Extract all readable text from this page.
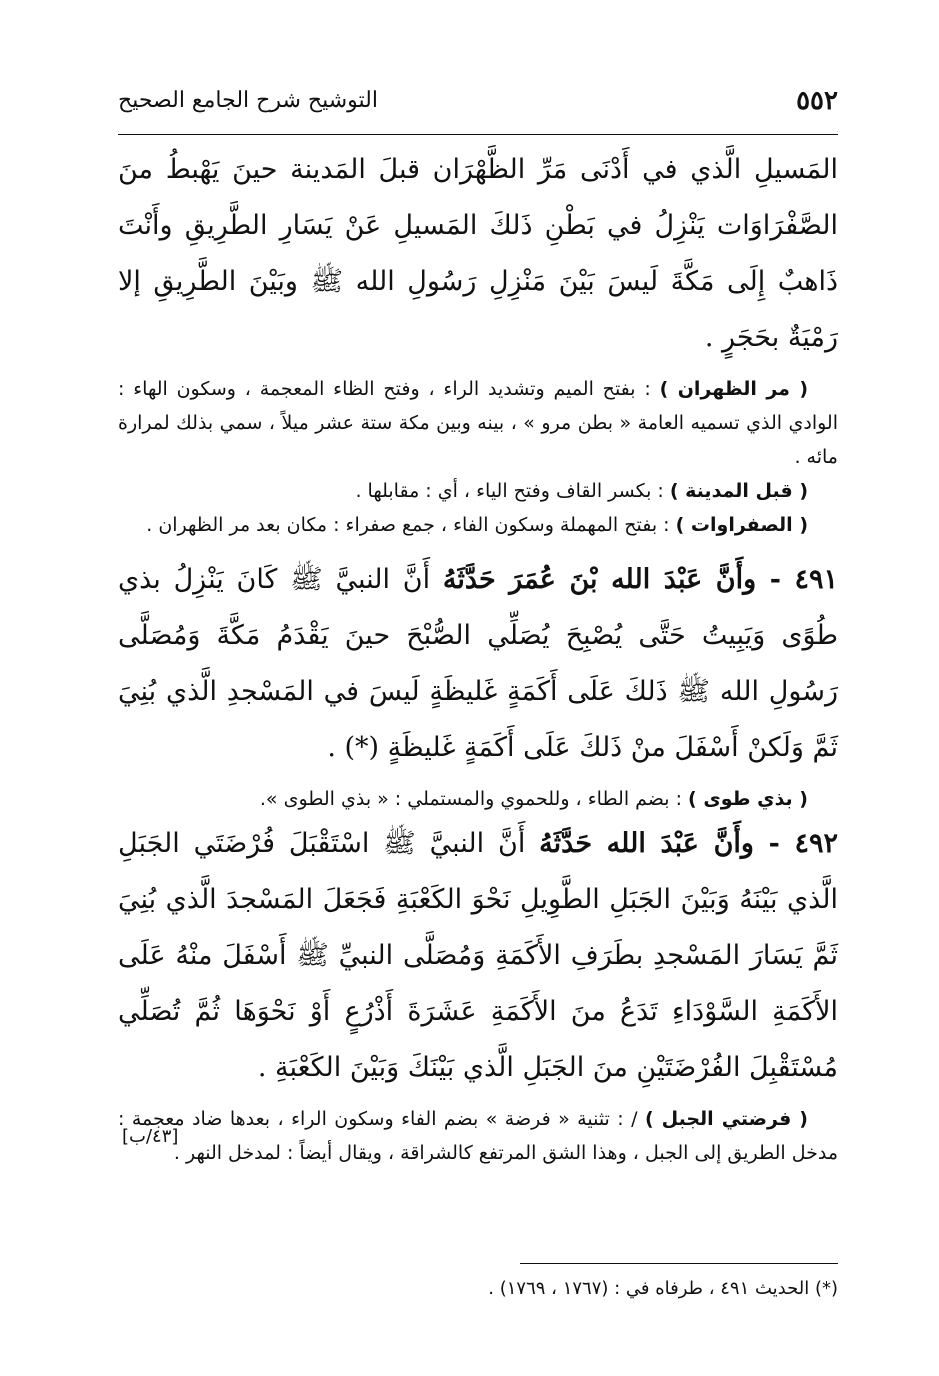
٥٥٢
التوشيح شرح الجامع الصحيح

المَسيلِ الَّذي في أَدْنَى مَرِّ الظَّهْرَان قبلَ المَدينة حينَ يَهْبطُ منَ الصَّفْرَاوَات يَنْزِلُ في بَطْنِ ذَلكَ المَسيلِ عَنْ يَسَارِ الطَّرِيقِ وأَنْتَ ذَاهبٌ إِلَى مَكَّةَ لَيسَ بَيْنَ مَنْزِلِ رَسُولِ الله ﷺ وبَيْنَ الطَّرِيقِ إلا رَمْيَةٌ بحَجَرٍ .

( مر الظهران ) : بفتح الميم وتشديد الراء ، وفتح الظاء المعجمة ، وسكون الهاء : الوادي الذي تسميه العامة « بطن مرو » ، بينه وبين مكة ستة عشر ميلاً ، سمي بذلك لمرارة مائه .

( قبل المدينة ) : بكسر القاف وفتح الياء ، أي : مقابلها .

( الصفراوات ) : بفتح المهملة وسكون الفاء ، جمع صفراء : مكان بعد مر الظهران .

٤٩١ - وأَنَّ عَبْدَ الله بْنَ عُمَرَ حَدَّثَهُ أَنَّ النبيَّ ﷺ كَانَ يَنْزِلُ بذي طُوًى وَيَبِيتُ حَتَّى يُصْبِحَ يُصَلِّي الصُّبْحَ حينَ يَقْدَمُ مَكَّةَ وَمُصَلَّى رَسُولِ الله ﷺ ذَلكَ عَلَى أَكَمَةٍ غَليظَةٍ لَيسَ في المَسْجدِ الَّذي بُنِيَ ثَمَّ وَلَكنْ أَسْفَلَ منْ ذَلكَ عَلَى أَكَمَةٍ غَليظَةٍ (*) .

( بذي طوى ) : بضم الطاء ، وللحموي والمستملي : « بذي الطوى ».

٤٩٢ - وأَنَّ عَبْدَ الله حَدَّثَهُ أَنَّ النبيَّ ﷺ اسْتَقْبَلَ فُرْضَتَي الجَبَلِ الَّذي بَيْنَهُ وَبَيْنَ الجَبَلِ الطَّوِيلِ نَحْوَ الكَعْبَةِ فَجَعَلَ المَسْجدَ الَّذي بُنِيَ ثَمَّ يَسَارَ المَسْجدِ بطَرَفِ الأَكَمَةِ وَمُصَلَّى النبيِّ ﷺ أَسْفَلَ منْهُ عَلَى الأَكَمَةِ السَّوْدَاءِ تَدَعُ منَ الأَكَمَةِ عَشَرَةَ أَذْرُعٍ أَوْ نَحْوَهَا ثُمَّ تُصَلِّي مُسْتَقْبِلَ الفُرْضَتَيْنِ منَ الجَبَلِ الَّذي بَيْنَكَ وَبَيْنَ الكَعْبَةِ .

( فرضتي الجبل ) / : تثنية « فرضة » بضم الفاء وسكون الراء ، بعدها ضاد معجمة : مدخل الطريق إلى الجبل ، وهذا الشق المرتفع كالشراقة ، ويقال أيضاً : لمدخل النهر .

[٤٣/ب]
(*) الحديث ٤٩١ ، طرفاه في : (١٧٦٧ ، ١٧٦٩) .
